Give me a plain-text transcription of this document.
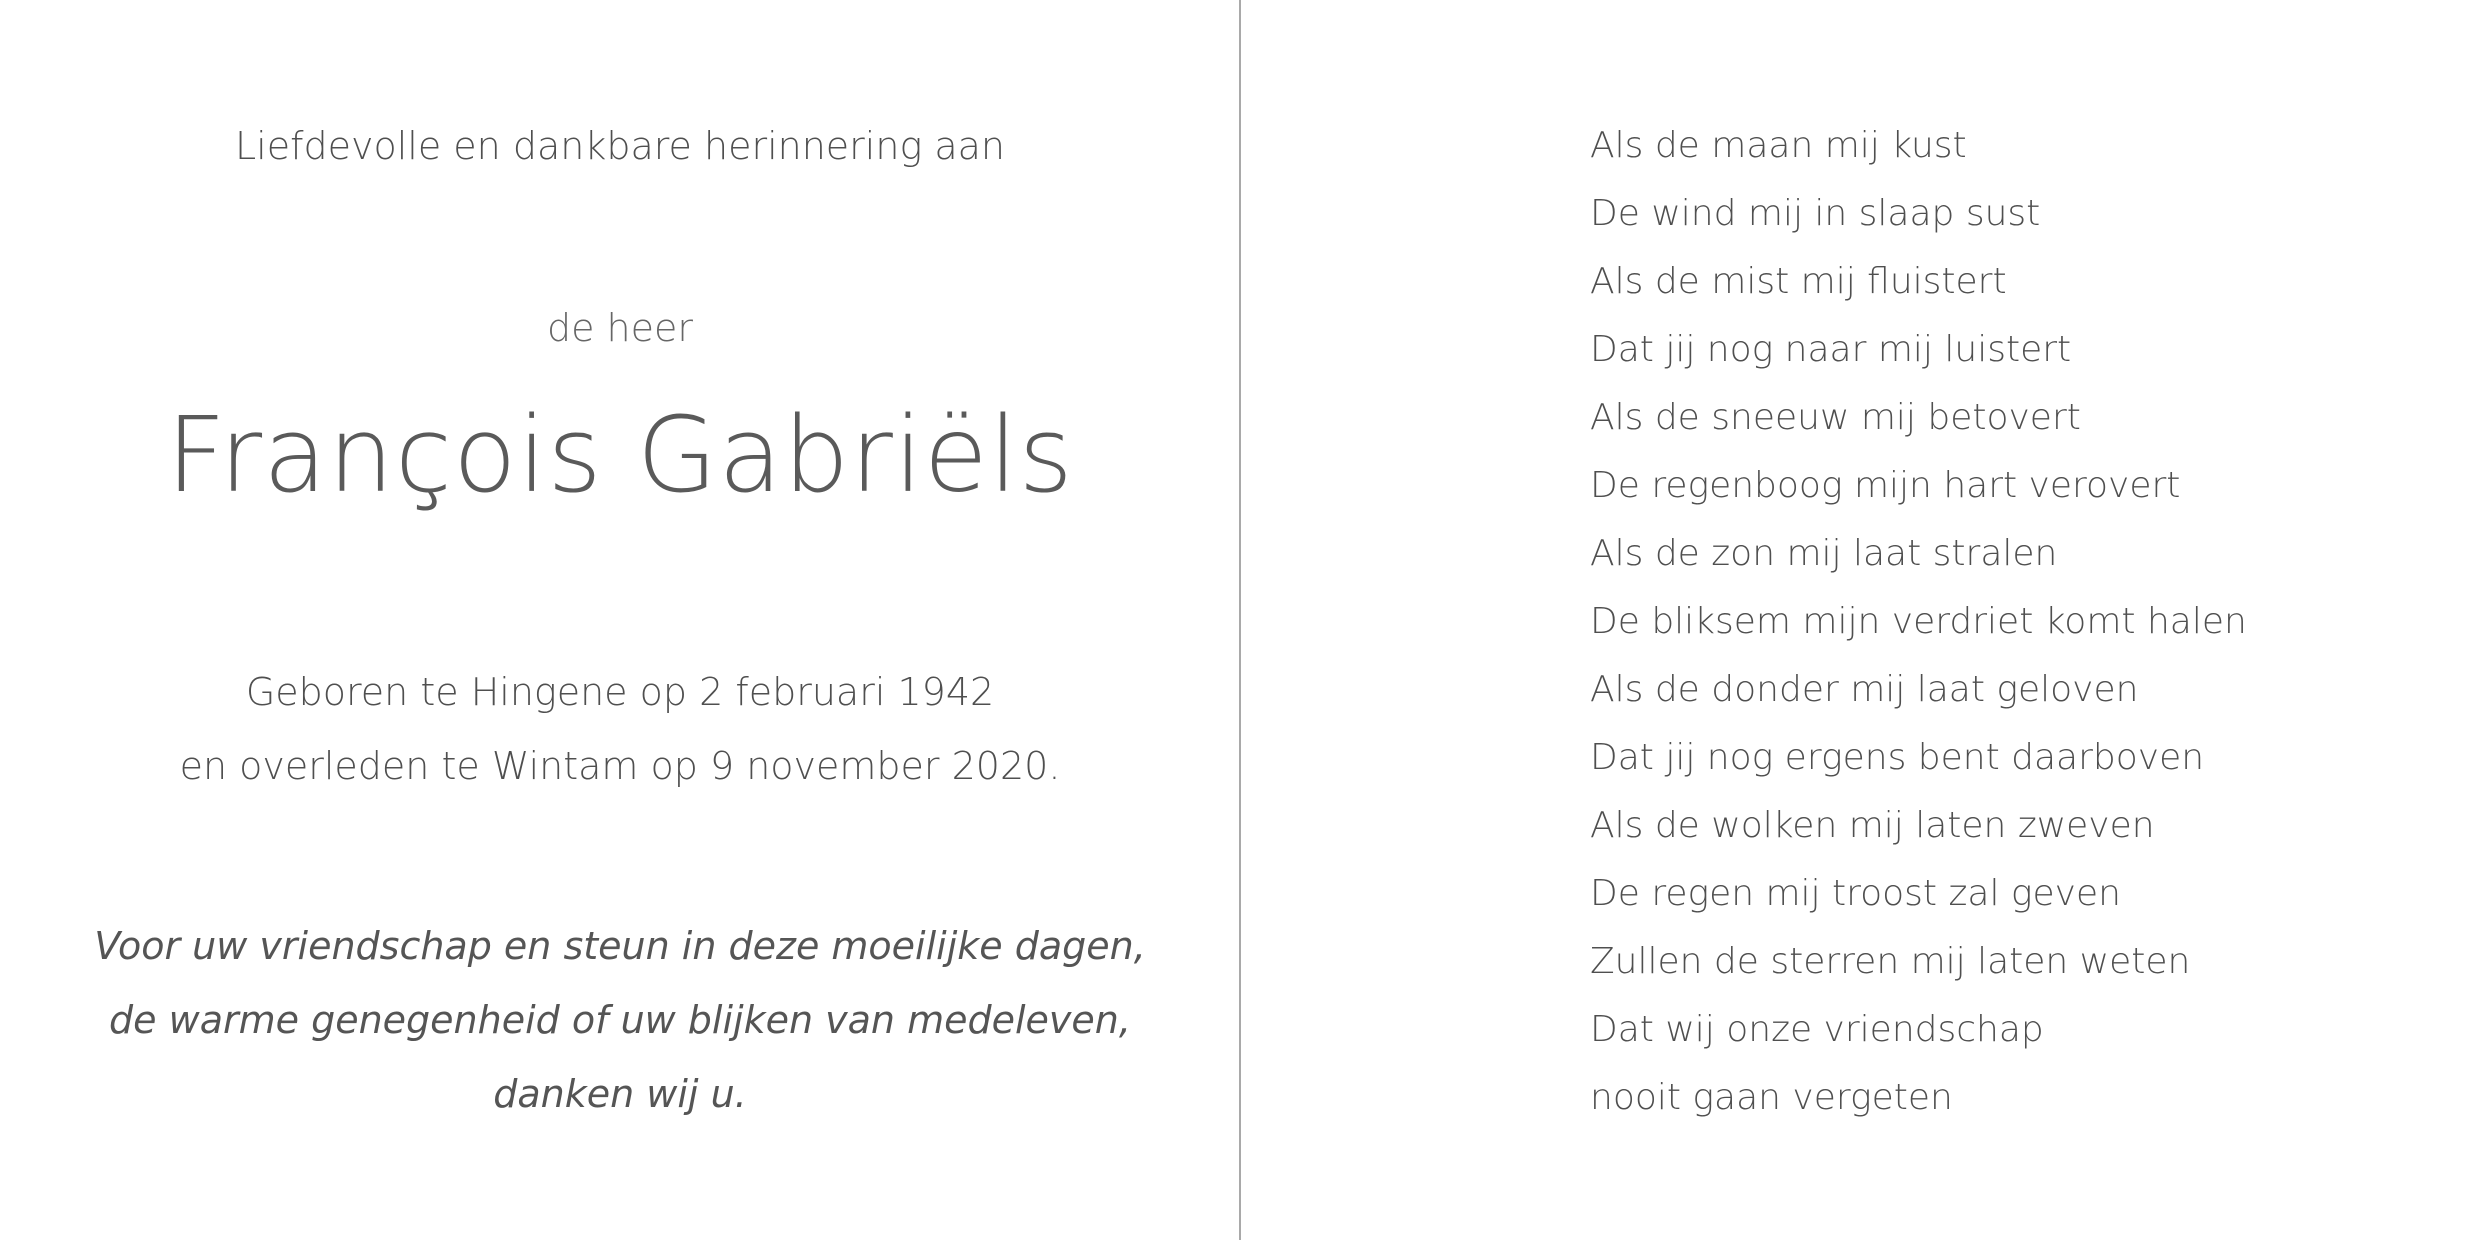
Liefdevolle en dankbare herinnering aan
de heer
François Gabriëls
Geboren te Hingene op 2 februari 1942
en overleden te Wintam op 9 november 2020.
Voor uw vriendschap en steun in deze moeilijke dagen,
de warme genegenheid of uw blijken van medeleven,
danken wij u.
Als de maan mij kust
De wind mij in slaap sust
Als de mist mij fluistert
Dat jij nog naar mij luistert
Als de sneeuw mij betovert
De regenboog mijn hart verovert
Als de zon mij laat stralen
De bliksem mijn verdriet komt halen
Als de donder mij laat geloven
Dat jij nog ergens bent daarboven
Als de wolken mij laten zweven
De regen mij troost zal geven
Zullen de sterren mij laten weten
Dat wij onze vriendschap
nooit gaan vergeten
